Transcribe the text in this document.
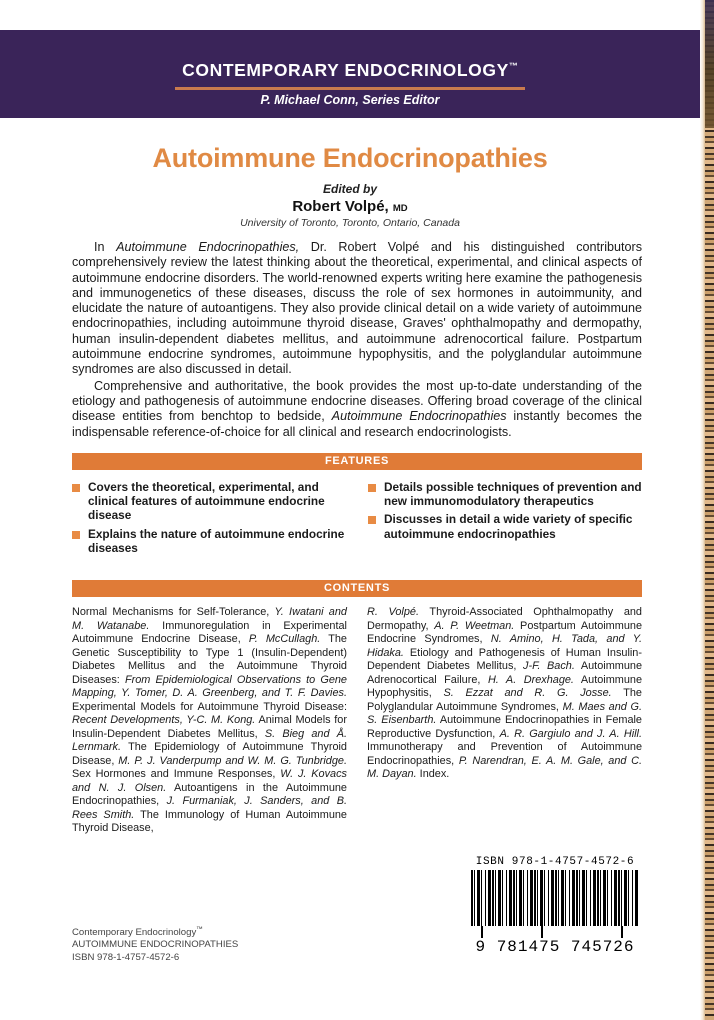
CONTEMPORARY ENDOCRINOLOGY™
P. Michael Conn, Series Editor
Autoimmune Endocrinopathies
Edited by
Robert Volpé, MD
University of Toronto, Toronto, Ontario, Canada

In Autoimmune Endocrinopathies, Dr. Robert Volpé and his distinguished contributors comprehensively review the latest thinking about the theoretical, experimental, and clinical aspects of autoimmune endocrine disorders. The world-renowned experts writing here examine the pathogenesis and immunogenetics of these diseases, discuss the role of sex hormones in autoimmunity, and elucidate the nature of autoantigens. They also provide clinical detail on a wide variety of autoimmune endocrinopathies, including autoimmune thyroid disease, Graves' ophthalmopathy and dermopathy, human insulin-dependent diabetes mellitus, and autoimmune adrenocortical failure. Postpartum autoimmune endocrine syndromes, autoimmune hypophysitis, and the polyglandular autoimmune syndromes are also discussed in detail.

Comprehensive and authoritative, the book provides the most up-to-date understanding of the etiology and pathogenesis of autoimmune endocrine diseases. Offering broad coverage of the clinical disease entities from benchtop to bedside, Autoimmune Endocrinopathies instantly becomes the indispensable reference-of-choice for all clinical and research endocrinologists.

FEATURES
Covers the theoretical, experimental, and clinical features of autoimmune endocrine disease
Explains the nature of autoimmune endocrine diseases
Details possible techniques of prevention and new immunomodulatory therapeutics
Discusses in detail a wide variety of specific autoimmune endocrinopathies
CONTENTS
Normal Mechanisms for Self-Tolerance, Y. Iwatani and M. Watanabe. Immunoregulation in Experimental Autoimmune Endocrine Disease, P. McCullagh. The Genetic Susceptibility to Type 1 (Insulin-Dependent) Diabetes Mellitus and the Autoimmune Thyroid Diseases: From Epidemiological Observations to Gene Mapping, Y. Tomer, D. A. Greenberg, and T. F. Davies. Experimental Models for Autoimmune Thyroid Disease: Recent Developments, Y-C. M. Kong. Animal Models for Insulin-Dependent Diabetes Mellitus, S. Bieg and Å. Lernmark. The Epidemiology of Autoimmune Thyroid Disease, M. P. J. Vanderpump and W. M. G. Tunbridge. Sex Hormones and Immune Responses, W. J. Kovacs and N. J. Olsen. Autoantigens in the Autoimmune Endocrinopathies, J. Furmaniak, J. Sanders, and B. Rees Smith. The Immunology of Human Autoimmune Thyroid Disease,
R. Volpé. Thyroid-Associated Ophthalmopathy and Dermopathy, A. P. Weetman. Postpartum Autoimmune Endocrine Syndromes, N. Amino, H. Tada, and Y. Hidaka. Etiology and Pathogenesis of Human Insulin-Dependent Diabetes Mellitus, J-F. Bach. Autoimmune Adrenocortical Failure, H. A. Drexhage. Autoimmune Hypophysitis, S. Ezzat and R. G. Josse. The Polyglandular Autoimmune Syndromes, M. Maes and G. S. Eisenbarth. Autoimmune Endocrinopathies in Female Reproductive Dysfunction, A. R. Gargiulo and J. A. Hill. Immunotherapy and Prevention of Autoimmune Endocrinopathies, P. Narendran, E. A. M. Gale, and C. M. Dayan. Index.
ISBN 978-1-4757-4572-6
9 781475 745726
Contemporary Endocrinology™
AUTOIMMUNE ENDOCRINOPATHIES
ISBN 978-1-4757-4572-6
